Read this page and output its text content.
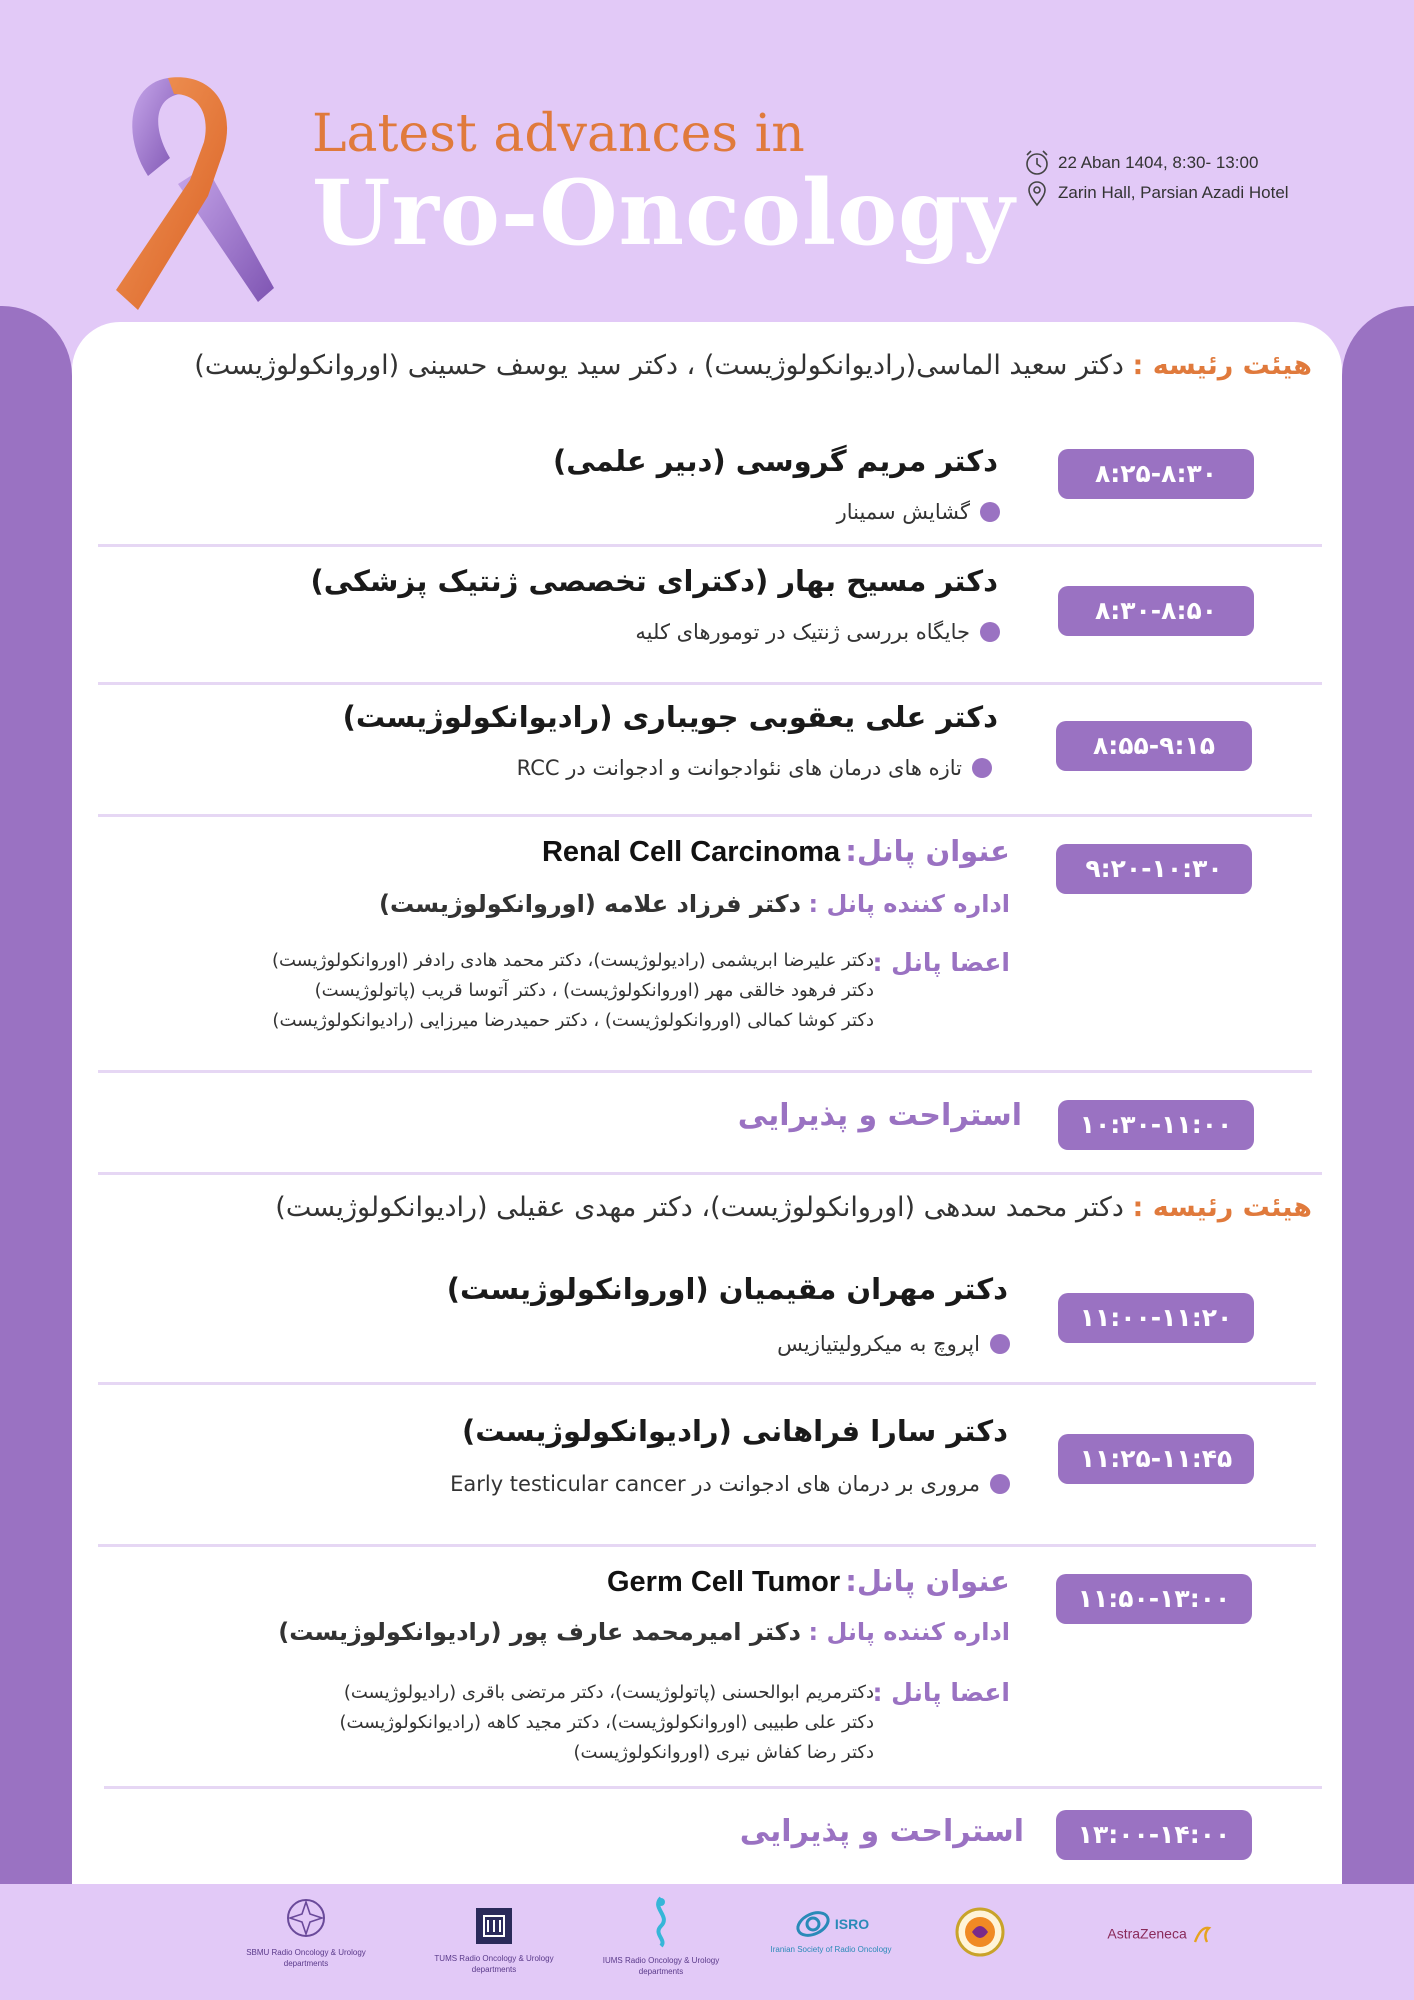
Latest advances in
Uro-Oncology	22 Aban 1404, 8:30- 13:00
Zarin Hall, Parsian Azadi Hotel
هیئت رئیسه : دکتر سعید الماسی(رادیوانکولوژیست) ، دکتر سید یوسف حسینی (اوروانکولوژیست)
۸:۲۵-۸:۳۰
دکتر مریم گروسی (دبیر علمی)
گشایش سمینار
۸:۳۰-۸:۵۰
دکتر مسیح بهار (دکترای تخصصی ژنتیک پزشکی)
جایگاه بررسی ژنتیک در تومورهای کلیه
۸:۵۵-۹:۱۵
دکتر علی یعقوبی جویباری (رادیوانکولوژیست)
تازه های درمان های نئوادجوانت و ادجوانت در RCC
۹:۲۰-۱۰:۳۰
عنوان پانل: Renal Cell Carcinoma
اداره کننده پانل : دکتر فرزاد علامه (اوروانکولوژیست)
اعضا پانل :
دکتر علیرضا ابریشمی (رادیولوژیست)، دکتر محمد هادی رادفر (اوروانکولوژیست)
دکتر فرهود خالقی مهر (اوروانکولوژیست) ، دکتر آتوسا قریب (پاتولوژیست)
دکتر کوشا کمالی (اوروانکولوژیست) ، دکتر حمیدرضا میرزایی (رادیوانکولوژیست)
۱۰:۳۰-۱۱:۰۰
استراحت و پذیرایی
هیئت رئیسه : دکتر محمد سدهی (اوروانکولوژیست)، دکتر مهدی عقیلی (رادیوانکولوژیست)
۱۱:۰۰-۱۱:۲۰
دکتر مهران مقیمیان (اوروانکولوژیست)
اپروچ به میکرولیتیازیس
۱۱:۲۵-۱۱:۴۵
دکتر سارا فراهانی (رادیوانکولوژیست)
مروری بر درمان های ادجوانت در Early testicular cancer
۱۱:۵۰-۱۳:۰۰
عنوان پانل: Germ Cell Tumor
اداره کننده پانل : دکتر امیرمحمد عارف پور (رادیوانکولوژیست)
اعضا پانل :
دکترمریم ابوالحسنی (پاتولوژیست)، دکتر مرتضی باقری (رادیولوژیست)
دکتر علی طبیبی (اوروانکولوژیست)، دکتر مجید کاهه (رادیوانکولوژیست)
دکتر رضا کفاش نیری (اوروانکولوژیست)
۱۳:۰۰-۱۴:۰۰
استراحت و پذیرایی
SBMU Radio Oncology & Urology departments
TUMS Radio Oncology & Urology departments
IUMS Radio Oncology & Urology departments
ISRO
Iranian Society of Radio Oncology
AstraZeneca
